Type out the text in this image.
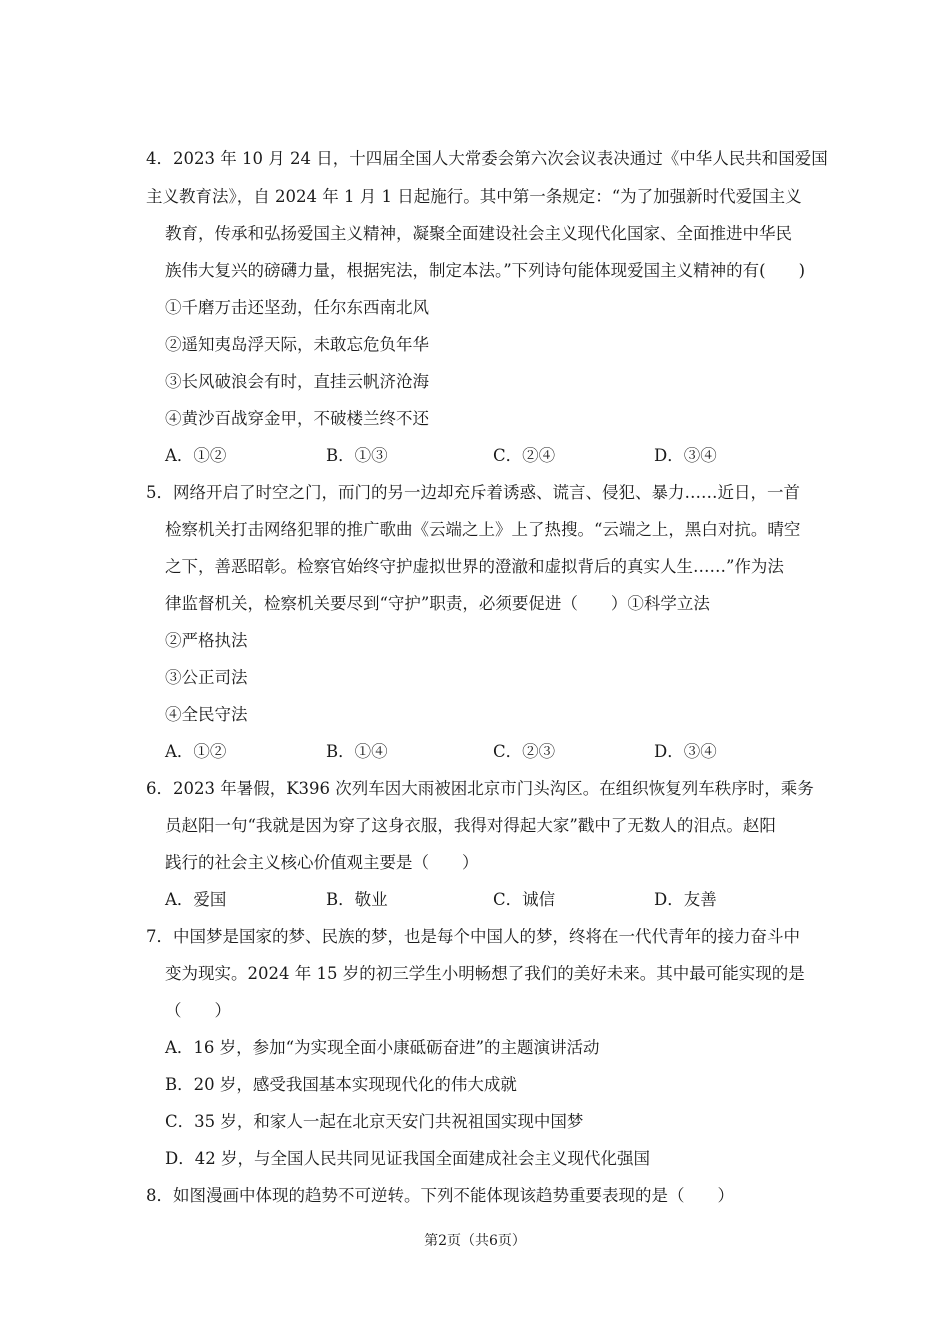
4．2023 年 10 月 24 日，十四届全国人大常委会第六次会议表决通过《中华人民共和国爱国
主义教育法》，自 2024 年 1 月 1 日起施行。其中第一条规定：“为了加强新时代爱国主义
教育，传承和弘扬爱国主义精神，凝聚全面建设社会主义现代化国家、全面推进中华民
族伟大复兴的磅礴力量，根据宪法，制定本法。”下列诗句能体现爱国主义精神的有(　　)
①千磨万击还坚劲，任尔东西南北风
②遥知夷岛浮天际，未敢忘危负年华
③长风破浪会有时，直挂云帆济沧海
④黄沙百战穿金甲，不破楼兰终不还
A．①②	B．①③	C．②④	D．③④
5．网络开启了时空之门，而门的另一边却充斥着诱惑、谎言、侵犯、暴力……近日，一首
检察机关打击网络犯罪的推广歌曲《云端之上》上了热搜。“云端之上，黑白对抗。晴空
之下，善恶昭彰。检察官始终守护虚拟世界的澄澈和虚拟背后的真实人生……”作为法
律监督机关，检察机关要尽到“守护”职责，必须要促进（　　）①科学立法
②严格执法
③公正司法
④全民守法
A．①②	B．①④	C．②③	D．③④
6．2023 年暑假，K396 次列车因大雨被困北京市门头沟区。在组织恢复列车秩序时，乘务
员赵阳一句“我就是因为穿了这身衣服，我得对得起大家”戳中了无数人的泪点。赵阳
践行的社会主义核心价值观主要是（　　）
A．爱国	B．敬业	C．诚信	D．友善
7．中国梦是国家的梦、民族的梦，也是每个中国人的梦，终将在一代代青年的接力奋斗中
变为现实。2024 年 15 岁的初三学生小明畅想了我们的美好未来。其中最可能实现的是
（　　）
A．16 岁，参加“为实现全面小康砥砺奋进”的主题演讲活动
B．20 岁，感受我国基本实现现代化的伟大成就
C．35 岁，和家人一起在北京天安门共祝祖国实现中国梦
D．42 岁，与全国人民共同见证我国全面建成社会主义现代化强国
8．如图漫画中体现的趋势不可逆转。下列不能体现该趋势重要表现的是（　　）
第2页（共6页）
